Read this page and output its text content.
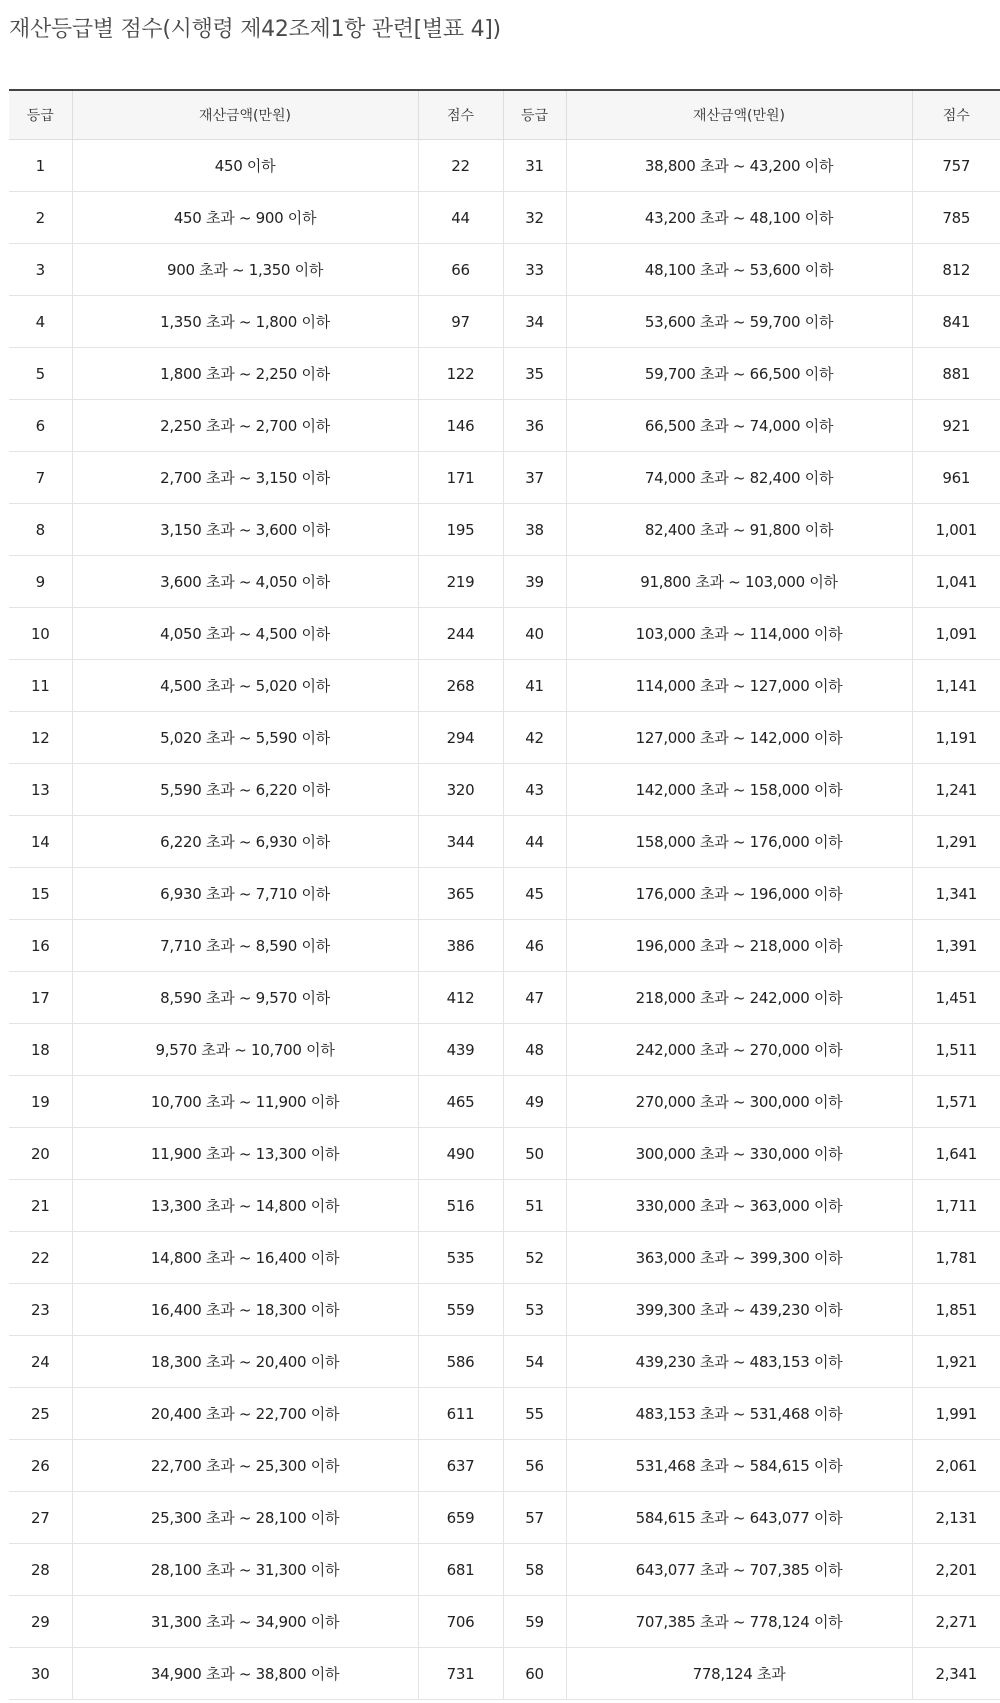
재산등급별 점수(시행령 제42조제1항 관련[별표 4])
등급	재산금액(만원)	점수	등급	재산금액(만원)	점수
1	450 이하	22	31	38,800 초과 ~ 43,200 이하	757
2	450 초과 ~ 900 이하	44	32	43,200 초과 ~ 48,100 이하	785
3	900 초과 ~ 1,350 이하	66	33	48,100 초과 ~ 53,600 이하	812
4	1,350 초과 ~ 1,800 이하	97	34	53,600 초과 ~ 59,700 이하	841
5	1,800 초과 ~ 2,250 이하	122	35	59,700 초과 ~ 66,500 이하	881
6	2,250 초과 ~ 2,700 이하	146	36	66,500 초과 ~ 74,000 이하	921
7	2,700 초과 ~ 3,150 이하	171	37	74,000 초과 ~ 82,400 이하	961
8	3,150 초과 ~ 3,600 이하	195	38	82,400 초과 ~ 91,800 이하	1,001
9	3,600 초과 ~ 4,050 이하	219	39	91,800 초과 ~ 103,000 이하	1,041
10	4,050 초과 ~ 4,500 이하	244	40	103,000 초과 ~ 114,000 이하	1,091
11	4,500 초과 ~ 5,020 이하	268	41	114,000 초과 ~ 127,000 이하	1,141
12	5,020 초과 ~ 5,590 이하	294	42	127,000 초과 ~ 142,000 이하	1,191
13	5,590 초과 ~ 6,220 이하	320	43	142,000 초과 ~ 158,000 이하	1,241
14	6,220 초과 ~ 6,930 이하	344	44	158,000 초과 ~ 176,000 이하	1,291
15	6,930 초과 ~ 7,710 이하	365	45	176,000 초과 ~ 196,000 이하	1,341
16	7,710 초과 ~ 8,590 이하	386	46	196,000 초과 ~ 218,000 이하	1,391
17	8,590 초과 ~ 9,570 이하	412	47	218,000 초과 ~ 242,000 이하	1,451
18	9,570 초과 ~ 10,700 이하	439	48	242,000 초과 ~ 270,000 이하	1,511
19	10,700 초과 ~ 11,900 이하	465	49	270,000 초과 ~ 300,000 이하	1,571
20	11,900 초과 ~ 13,300 이하	490	50	300,000 초과 ~ 330,000 이하	1,641
21	13,300 초과 ~ 14,800 이하	516	51	330,000 초과 ~ 363,000 이하	1,711
22	14,800 초과 ~ 16,400 이하	535	52	363,000 초과 ~ 399,300 이하	1,781
23	16,400 초과 ~ 18,300 이하	559	53	399,300 초과 ~ 439,230 이하	1,851
24	18,300 초과 ~ 20,400 이하	586	54	439,230 초과 ~ 483,153 이하	1,921
25	20,400 초과 ~ 22,700 이하	611	55	483,153 초과 ~ 531,468 이하	1,991
26	22,700 초과 ~ 25,300 이하	637	56	531,468 초과 ~ 584,615 이하	2,061
27	25,300 초과 ~ 28,100 이하	659	57	584,615 초과 ~ 643,077 이하	2,131
28	28,100 초과 ~ 31,300 이하	681	58	643,077 초과 ~ 707,385 이하	2,201
29	31,300 초과 ~ 34,900 이하	706	59	707,385 초과 ~ 778,124 이하	2,271
30	34,900 초과 ~ 38,800 이하	731	60	778,124 초과	2,341
